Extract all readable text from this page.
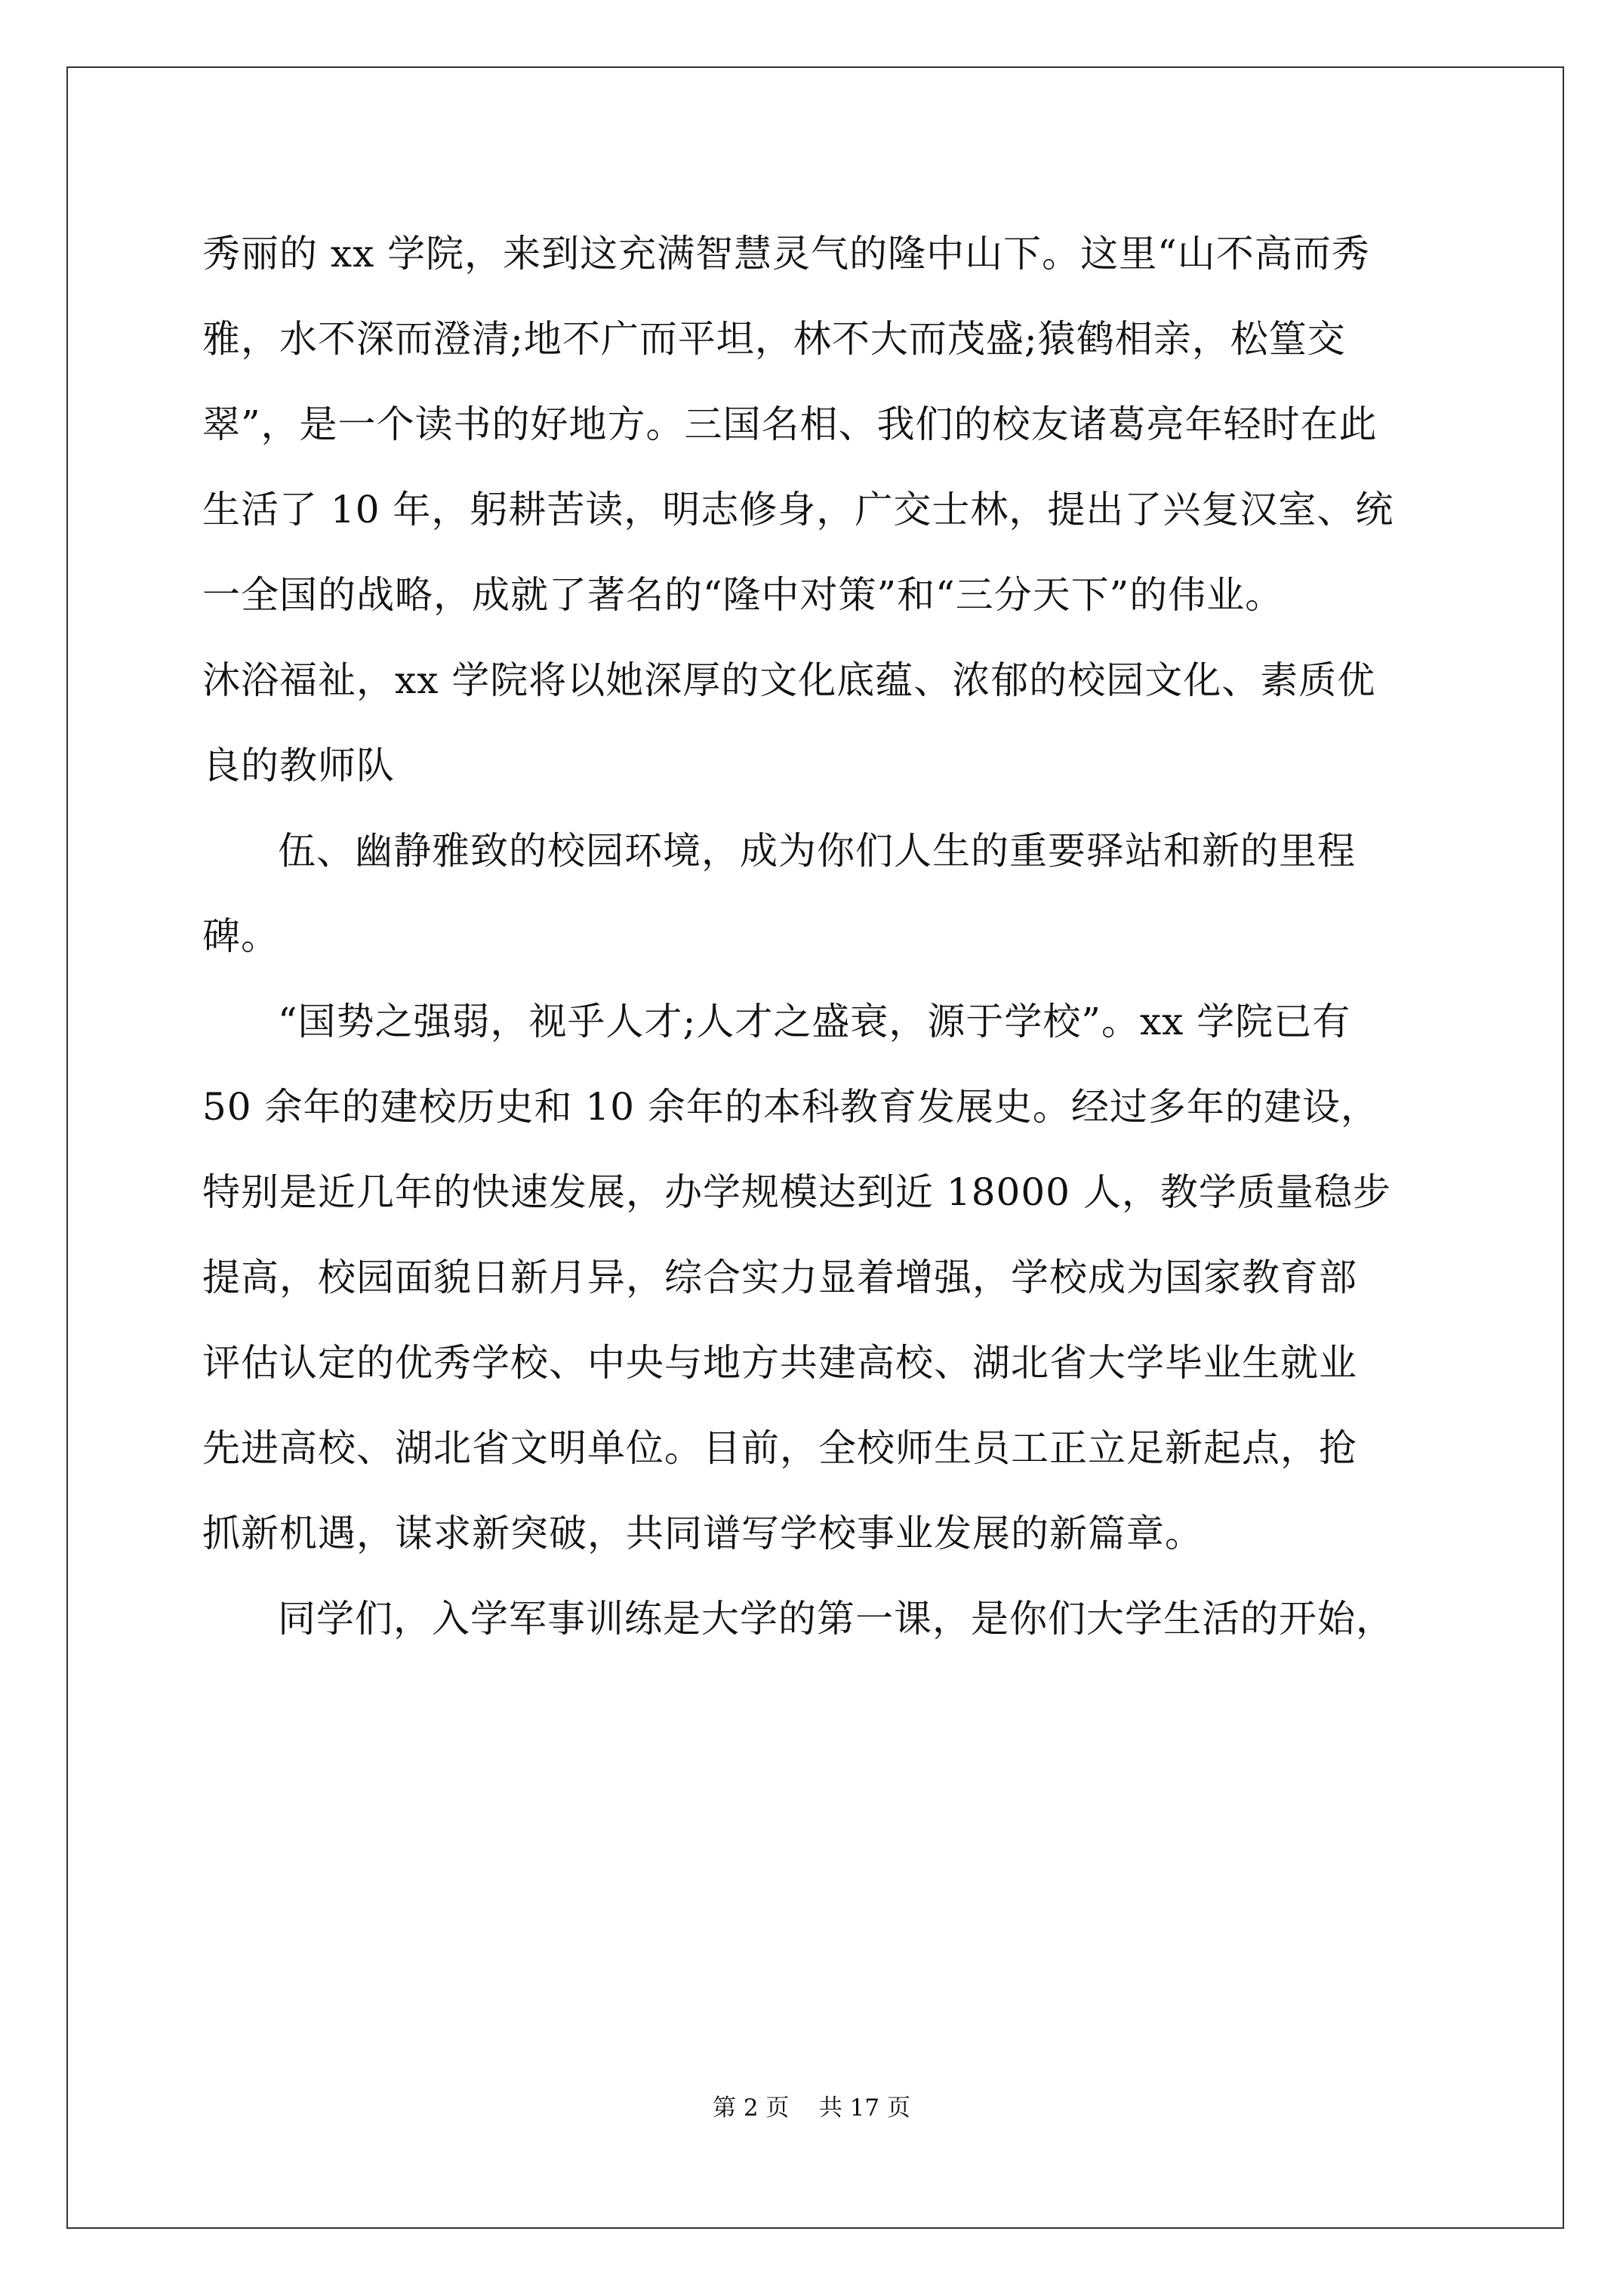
秀丽的 xx 学院，来到这充满智慧灵气的隆中山下。这里“山不高而秀
雅，水不深而澄清;地不广而平坦，林不大而茂盛;猿鹤相亲，松篁交
翠”，是一个读书的好地方。三国名相、我们的校友诸葛亮年轻时在此
生活了 10 年，躬耕苦读，明志修身，广交士林，提出了兴复汉室、统
一全国的战略，成就了著名的“隆中对策”和“三分天下”的伟业。
沐浴福祉，xx 学院将以她深厚的文化底蕴、浓郁的校园文化、素质优
良的教师队
伍、幽静雅致的校园环境，成为你们人生的重要驿站和新的里程
碑。
“国势之强弱，视乎人才;人才之盛衰，源于学校”。xx 学院已有
50 余年的建校历史和 10 余年的本科教育发展史。经过多年的建设，
特别是近几年的快速发展，办学规模达到近 18000 人，教学质量稳步
提高，校园面貌日新月异，综合实力显着增强，学校成为国家教育部
评估认定的优秀学校、中央与地方共建高校、湖北省大学毕业生就业
先进高校、湖北省文明单位。目前，全校师生员工正立足新起点，抢
抓新机遇，谋求新突破，共同谱写学校事业发展的新篇章。
同学们，入学军事训练是大学的第一课，是你们大学生活的开始，
第 2 页    共 17 页
